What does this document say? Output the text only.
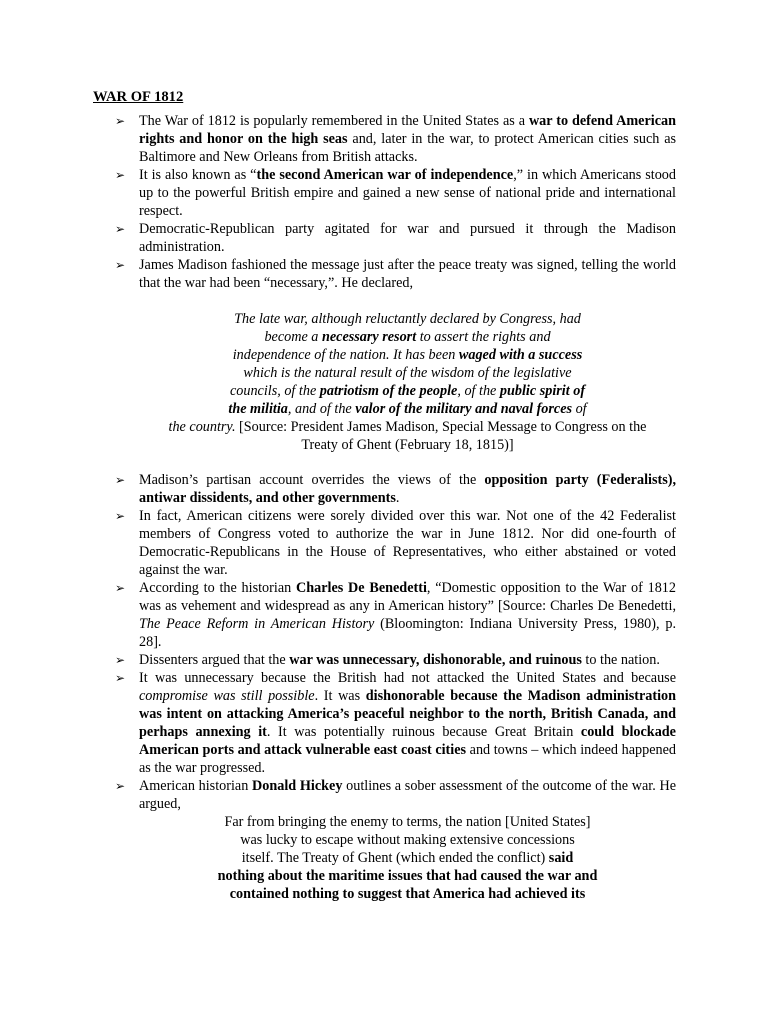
WAR OF 1812
➢ The War of 1812 is popularly remembered in the United States as a war to defend American rights and honor on the high seas and, later in the war, to protect American cities such as Baltimore and New Orleans from British attacks.
➢ It is also known as “the second American war of independence,” in which Americans stood up to the powerful British empire and gained a new sense of national pride and international respect.
➢ Democratic-Republican party agitated for war and pursued it through the Madison administration.
➢ James Madison fashioned the message just after the peace treaty was signed, telling the world that the war had been “necessary,”. He declared,
The late war, although reluctantly declared by Congress, had
become a necessary resort to assert the rights and
independence of the nation. It has been waged with a success
which is the natural result of the wisdom of the legislative
councils, of the patriotism of the people, of the public spirit of
the militia, and of the valor of the military and naval forces of
the country. [Source: President James Madison, Special Message to Congress on the
Treaty of Ghent (February 18, 1815)]
➢ Madison’s partisan account overrides the views of the opposition party (Federalists), antiwar dissidents, and other governments.
➢ In fact, American citizens were sorely divided over this war. Not one of the 42 Federalist members of Congress voted to authorize the war in June 1812. Nor did one-fourth of Democratic-Republicans in the House of Representatives, who either abstained or voted against the war.
➢ According to the historian Charles De Benedetti, “Domestic opposition to the War of 1812 was as vehement and widespread as any in American history” [Source: Charles De Benedetti, The Peace Reform in American History (Bloomington: Indiana University Press, 1980), p. 28].
➢ Dissenters argued that the war was unnecessary, dishonorable, and ruinous to the nation.
➢ It was unnecessary because the British had not attacked the United States and because compromise was still possible. It was dishonorable because the Madison administration was intent on attacking America’s peaceful neighbor to the north, British Canada, and perhaps annexing it. It was potentially ruinous because Great Britain could blockade American ports and attack vulnerable east coast cities and towns – which indeed happened as the war progressed.
➢ American historian Donald Hickey outlines a sober assessment of the outcome of the war. He argued,
Far from bringing the enemy to terms, the nation [United States]
was lucky to escape without making extensive concessions
itself. The Treaty of Ghent (which ended the conflict) said
nothing about the maritime issues that had caused the war and
contained nothing to suggest that America had achieved its
